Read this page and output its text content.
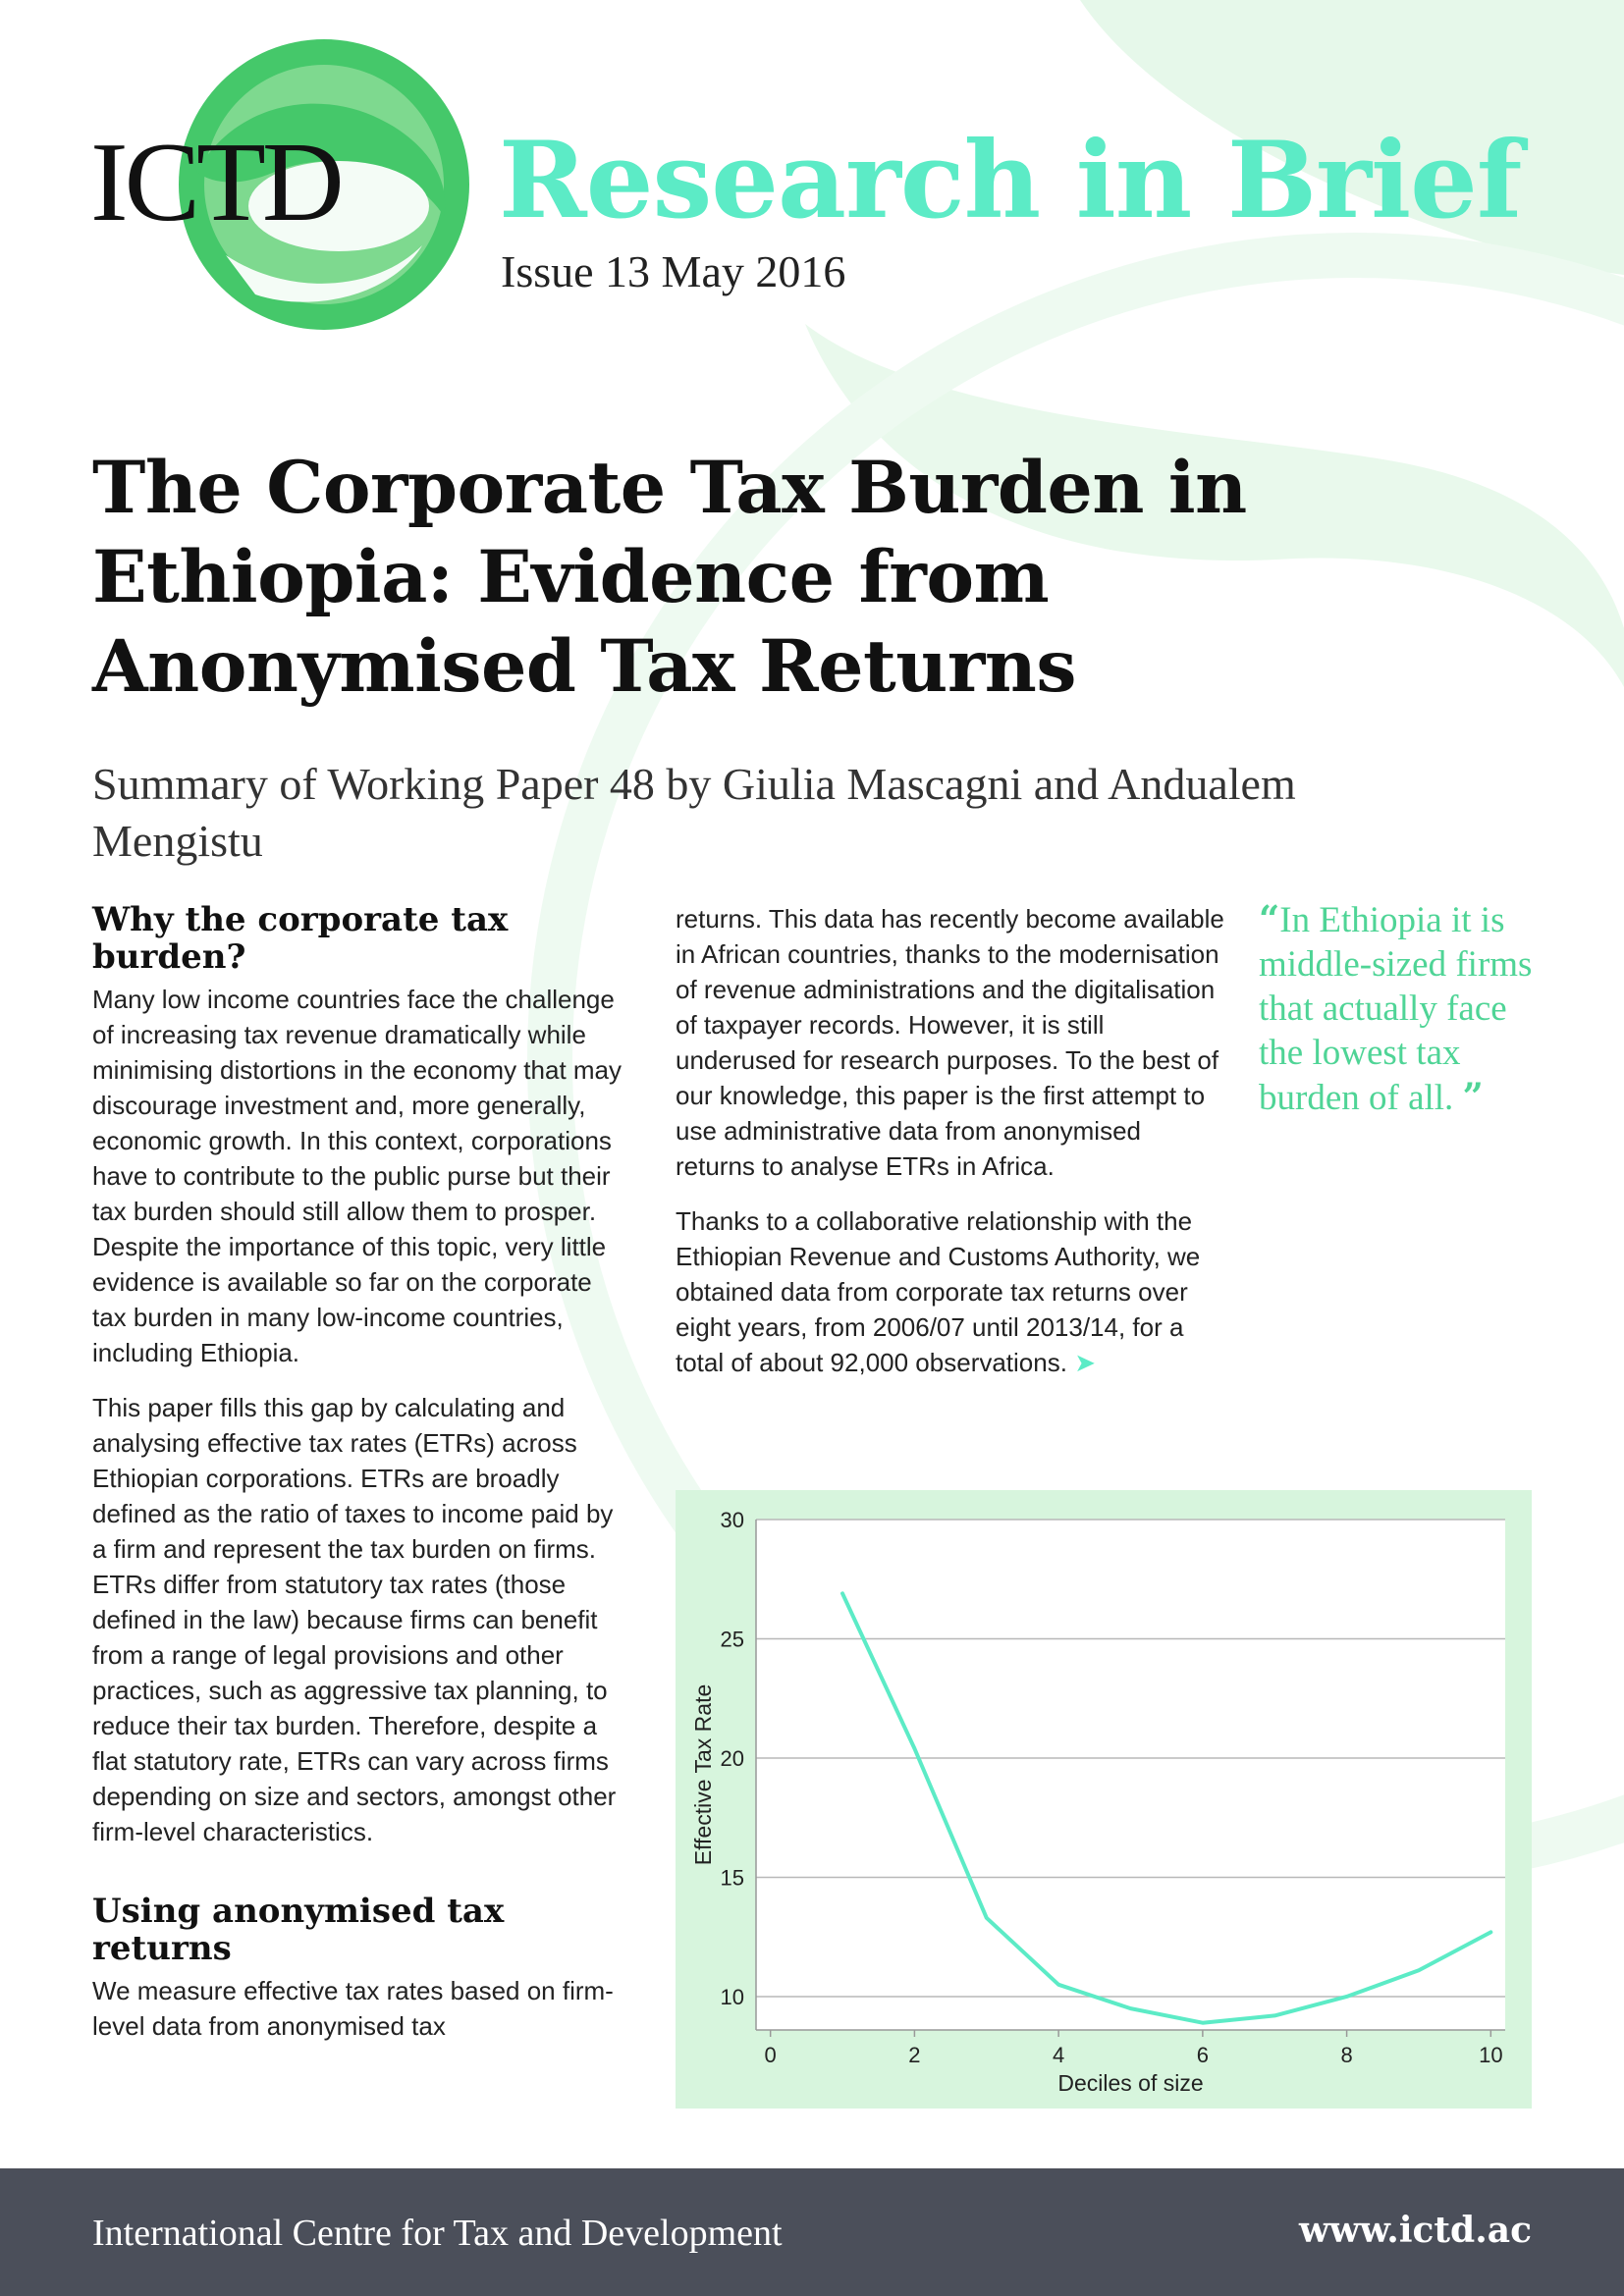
ICTD Research in Brief
Issue 13 May 2016
The Corporate Tax Burden in Ethiopia: Evidence from Anonymised Tax Returns

Summary of Working Paper 48 by Giulia Mascagni and Andualem Mengistu

Why the corporate tax burden?

Many low income countries face the challenge of increasing tax revenue dramatically while minimising distortions in the economy that may discourage investment and, more generally, economic growth. In this context, corporations have to contribute to the public purse but their tax burden should still allow them to prosper. Despite the importance of this topic, very little evidence is available so far on the corporate tax burden in many low-income countries, including Ethiopia.

This paper fills this gap by calculating and analysing effective tax rates (ETRs) across Ethiopian corporations. ETRs are broadly defined as the ratio of taxes to income paid by a firm and represent the tax burden on firms. ETRs differ from statutory tax rates (those defined in the law) because firms can benefit from a range of legal provisions and other practices, such as aggressive tax planning, to reduce their tax burden. Therefore, despite a flat statutory rate, ETRs can vary across firms depending on size and sectors, amongst other firm-level characteristics.

Using anonymised tax returns

We measure effective tax rates based on firm-level data from anonymised tax

returns. This data has recently become available in African countries, thanks to the modernisation of revenue administrations and the digitalisation of taxpayer records. However, it is still underused for research purposes. To the best of our knowledge, this paper is the first attempt to use administrative data from anonymised returns to analyse ETRs in Africa.

Thanks to a collaborative relationship with the Ethiopian Revenue and Customs Authority, we obtained data from corporate tax returns over eight years, from 2006/07 until 2013/14, for a total of about 92,000 observations. ➤

“ In Ethiopia it is middle-sized firms that actually face the lowest tax burden of all. ”
10
15
20
25
30
0	2	4	6	8	10
Deciles of size
Effective Tax Rate
International Centre for Tax and Development	www.ictd.ac
